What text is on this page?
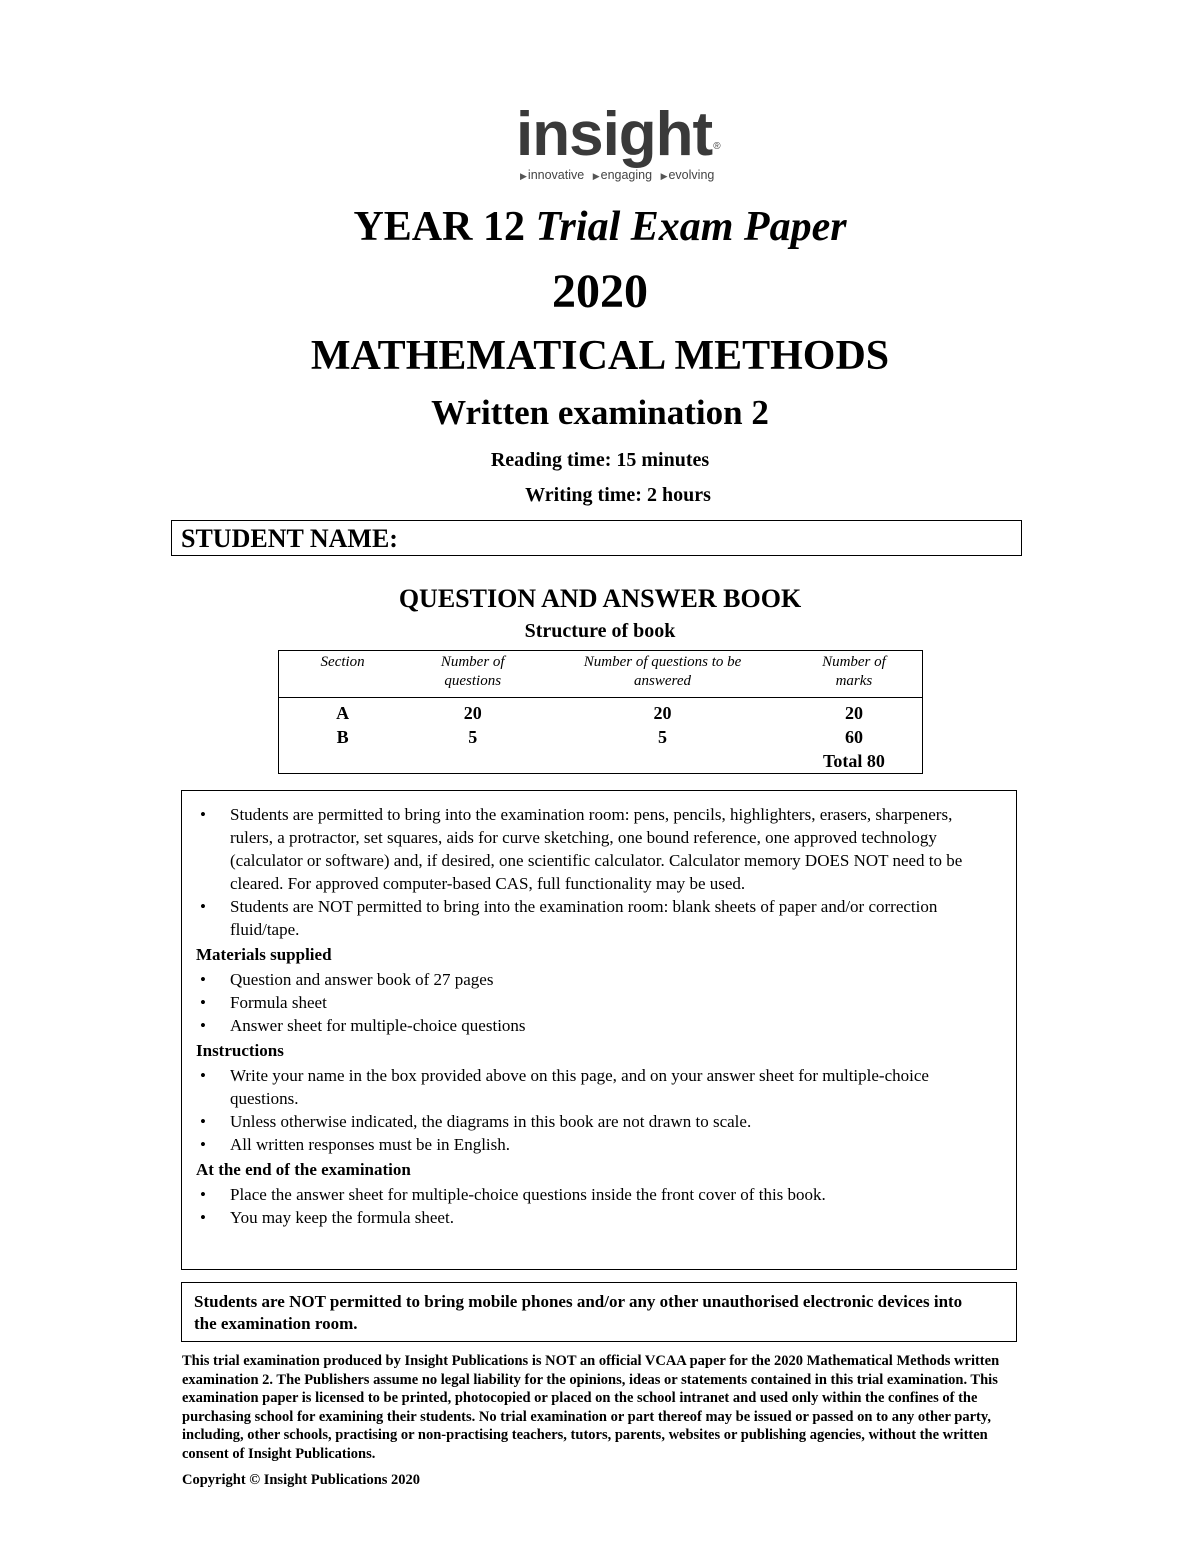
insight®
▶innovative ▶engaging ▶evolving
YEAR 12 Trial Exam Paper
2020
MATHEMATICAL METHODS
Written examination 2
Reading time: 15 minutes
Writing time: 2 hours
STUDENT NAME:
QUESTION AND ANSWER BOOK
Structure of book
Section	Number of questions	Number of questions to be answered	Number of marks
A	20	20	20
B	5	5	60
			Total 80
• Students are permitted to bring into the examination room: pens, pencils, highlighters, erasers, sharpeners, rulers, a protractor, set squares, aids for curve sketching, one bound reference, one approved technology (calculator or software) and, if desired, one scientific calculator. Calculator memory DOES NOT need to be cleared. For approved computer-based CAS, full functionality may be used.
• Students are NOT permitted to bring into the examination room: blank sheets of paper and/or correction fluid/tape.
Materials supplied
• Question and answer book of 27 pages
• Formula sheet
• Answer sheet for multiple-choice questions
Instructions
• Write your name in the box provided above on this page, and on your answer sheet for multiple-choice questions.
• Unless otherwise indicated, the diagrams in this book are not drawn to scale.
• All written responses must be in English.
At the end of the examination
• Place the answer sheet for multiple-choice questions inside the front cover of this book.
• You may keep the formula sheet.
Students are NOT permitted to bring mobile phones and/or any other unauthorised electronic devices into the examination room.
This trial examination produced by Insight Publications is NOT an official VCAA paper for the 2020 Mathematical Methods written examination 2. The Publishers assume no legal liability for the opinions, ideas or statements contained in this trial examination. This examination paper is licensed to be printed, photocopied or placed on the school intranet and used only within the confines of the purchasing school for examining their students. No trial examination or part thereof may be issued or passed on to any other party, including, other schools, practising or non-practising teachers, tutors, parents, websites or publishing agencies, without the written consent of Insight Publications.
Copyright © Insight Publications 2020
